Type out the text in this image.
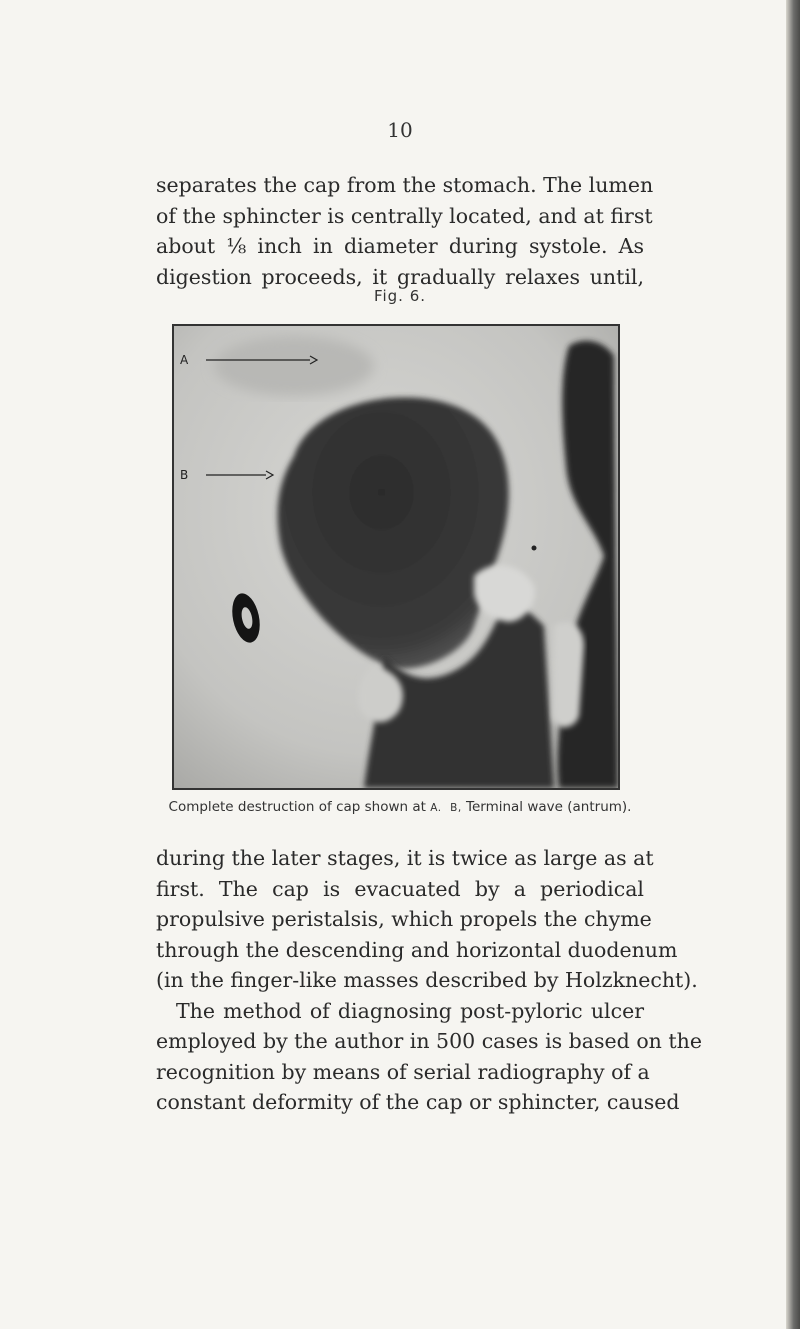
10
separates the cap from the stomach. The lumen
of the sphincter is centrally located, and at first
about ⅛ inch in diameter during systole. As
digestion proceeds, it gradually relaxes until,
Fig. 6.
A
B
Complete destruction of cap shown at A. B, Terminal wave (antrum).
during the later stages, it is twice as large as at
first. The cap is evacuated by a periodical
propulsive peristalsis, which propels the chyme
through the descending and horizontal duodenum
(in the finger-like masses described by Holzknecht).
The method of diagnosing post-pyloric ulcer
employed by the author in 500 cases is based on the
recognition by means of serial radiography of a
constant deformity of the cap or sphincter, caused
